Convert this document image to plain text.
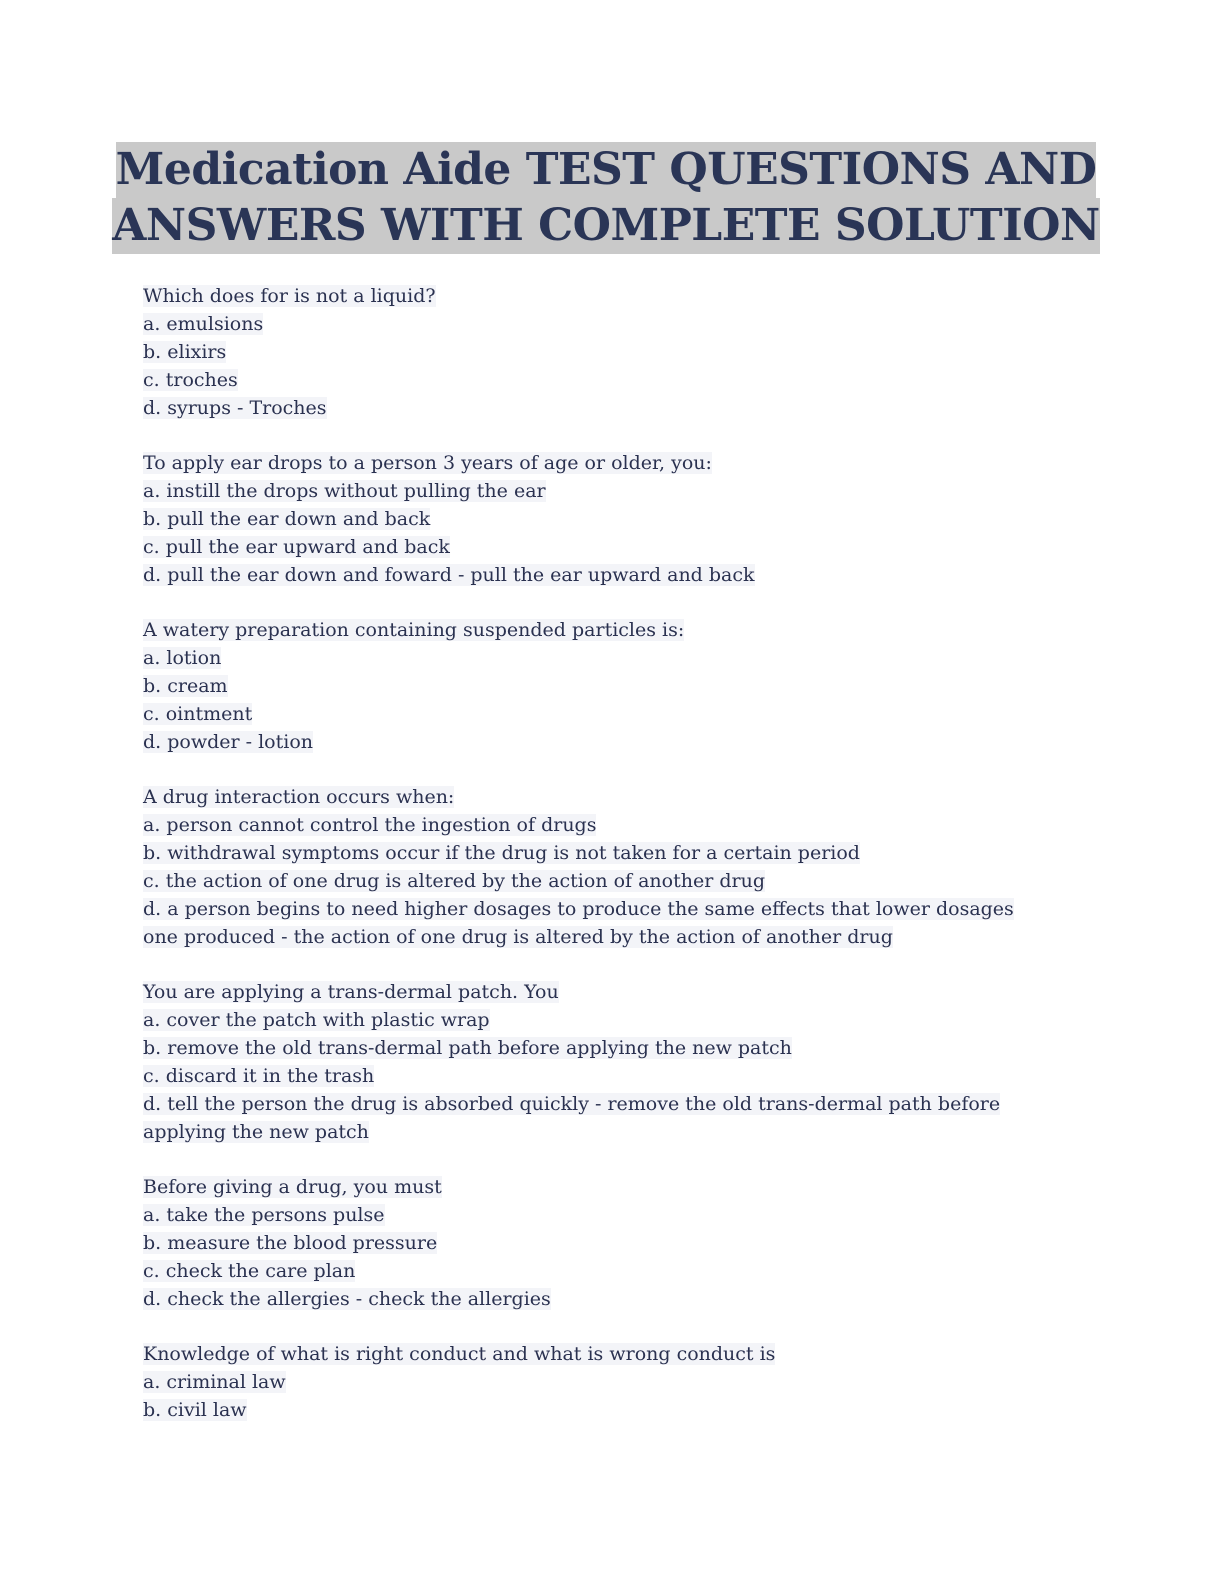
Medication Aide TEST QUESTIONS AND
ANSWERS WITH COMPLETE SOLUTION
Which does for is not a liquid?
a. emulsions
b. elixirs
c. troches
d. syrups - Troches
To apply ear drops to a person 3 years of age or older, you:
a. instill the drops without pulling the ear
b. pull the ear down and back
c. pull the ear upward and back
d. pull the ear down and foward - pull the ear upward and back
A watery preparation containing suspended particles is:
a. lotion
b. cream
c. ointment
d. powder - lotion
A drug interaction occurs when:
a. person cannot control the ingestion of drugs
b. withdrawal symptoms occur if the drug is not taken for a certain period
c. the action of one drug is altered by the action of another drug
d. a person begins to need higher dosages to produce the same effects that lower dosages
one produced - the action of one drug is altered by the action of another drug
You are applying a trans-dermal patch. You
a. cover the patch with plastic wrap
b. remove the old trans-dermal path before applying the new patch
c. discard it in the trash
d. tell the person the drug is absorbed quickly - remove the old trans-dermal path before
applying the new patch
Before giving a drug, you must
a. take the persons pulse
b. measure the blood pressure
c. check the care plan
d. check the allergies - check the allergies
Knowledge of what is right conduct and what is wrong conduct is
a. criminal law
b. civil law
